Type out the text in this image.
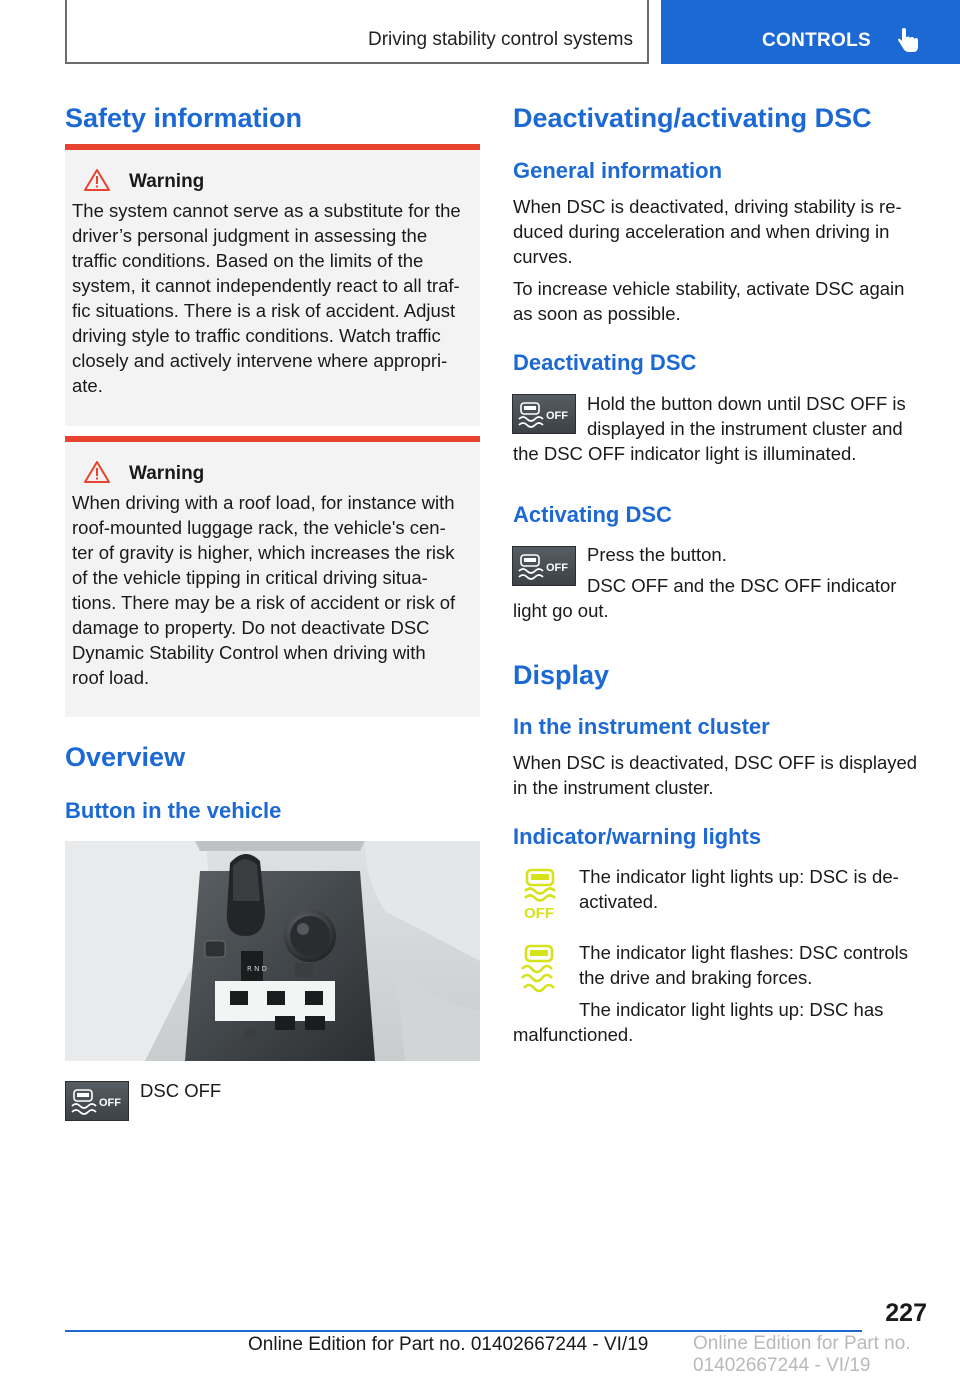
Driving stability control systems	CONTROLS
Safety information
Warning
The system cannot serve as a substitute for the
driver’s personal judgment in assessing the
traffic conditions. Based on the limits of the
system, it cannot independently react to all traf‐
fic situations. There is a risk of accident. Adjust
driving style to traffic conditions. Watch traffic
closely and actively intervene where appropri‐
ate.
Warning
When driving with a roof load, for instance with
roof-mounted luggage rack, the vehicle's cen‐
ter of gravity is higher, which increases the risk
of the vehicle tipping in critical driving situa‐
tions. There may be a risk of accident or risk of
damage to property. Do not deactivate DSC
Dynamic Stability Control when driving with
roof load.
Overview
Button in the vehicle
R N D
OFF
DSC OFF
Deactivating/activating DSC
General information
When DSC is deactivated, driving stability is re‐
duced during acceleration and when driving in
curves.
To increase vehicle stability, activate DSC again
as soon as possible.
Deactivating DSC
OFF
Hold the button down until DSC OFF is
displayed in the instrument cluster and
the DSC OFF indicator light is illuminated.
Activating DSC
OFF
Press the button.
DSC OFF and the DSC OFF indicator
light go out.
Display
In the instrument cluster
When DSC is deactivated, DSC OFF is displayed
in the instrument cluster.
Indicator/warning lights
OFF
The indicator light lights up: DSC is de‐
activated.
The indicator light flashes: DSC controls
the drive and braking forces.
The indicator light lights up: DSC has
malfunctioned.
227
Online Edition for Part no. 01402667244 - VI/19 Online Edition for Part no. 01402667244 - VI/19
